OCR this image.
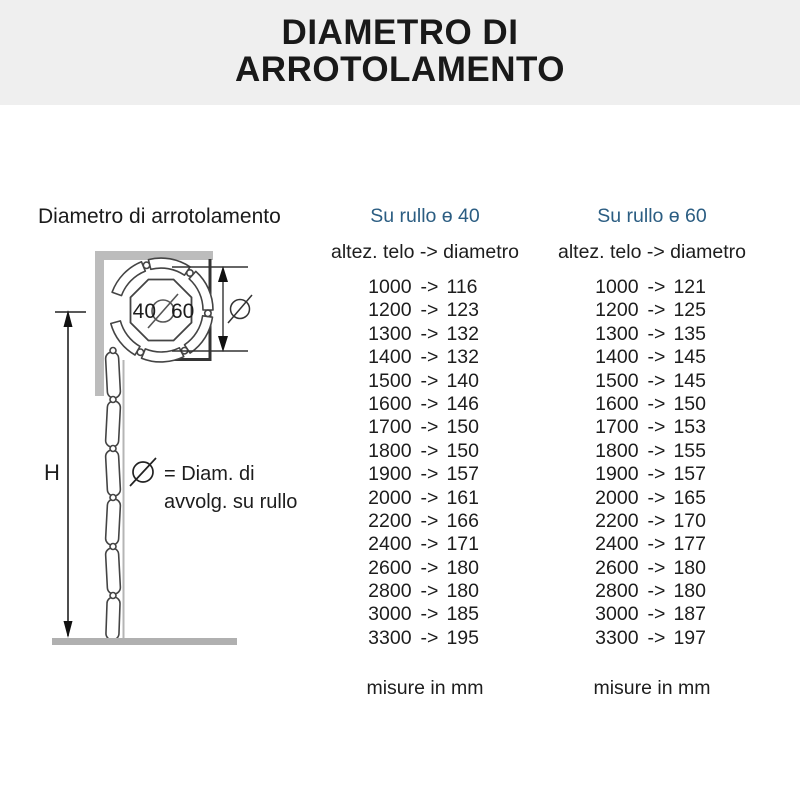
DIAMETRO DI ARROTOLAMENTO
Diametro di arrotolamento
40 60
H	= Diam. di
avvolg. su rullo
Su rullo ɵ 40
altez. telo -> diametro
1000 -> 116
1200 -> 123
1300 -> 132
1400 -> 132
1500 -> 140
1600 -> 146
1700 -> 150
1800 -> 150
1900 -> 157
2000 -> 161
2200 -> 166
2400 -> 171
2600 -> 180
2800 -> 180
3000 -> 185
3300 -> 195
misure in mm
Su rullo ɵ 60
altez. telo -> diametro
1000 -> 121
1200 -> 125
1300 -> 135
1400 -> 145
1500 -> 145
1600 -> 150
1700 -> 153
1800 -> 155
1900 -> 157
2000 -> 165
2200 -> 170
2400 -> 177
2600 -> 180
2800 -> 180
3000 -> 187
3300 -> 197
misure in mm
